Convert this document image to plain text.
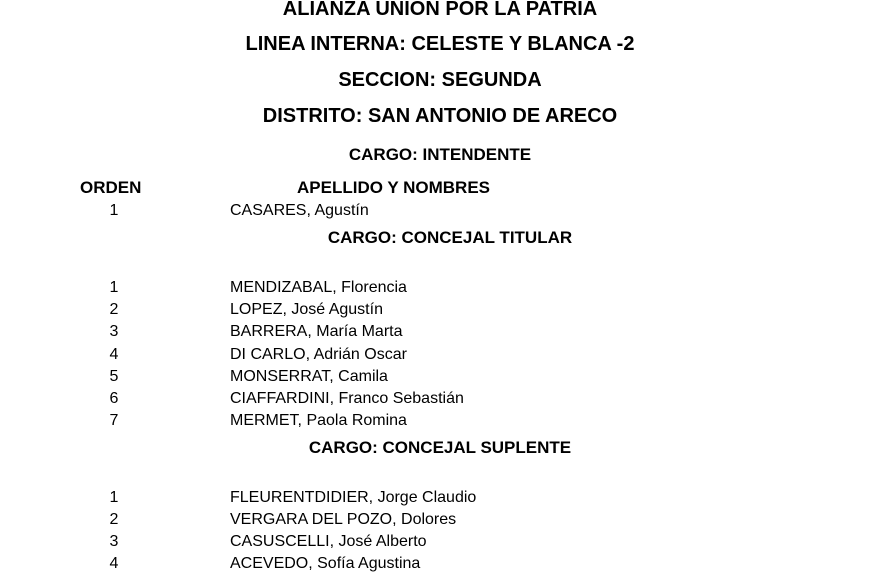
ALIANZA UNION POR LA PATRIA
LINEA INTERNA: CELESTE Y BLANCA -2
SECCION: SEGUNDA
DISTRITO: SAN ANTONIO DE ARECO
CARGO: INTENDENTE
ORDEN	APELLIDO Y NOMBRES
1	CASARES, Agustín
CARGO: CONCEJAL TITULAR
1	MENDIZABAL, Florencia
2	LOPEZ, José Agustín
3	BARRERA, María Marta
4	DI CARLO, Adrián Oscar
5	MONSERRAT, Camila
6	CIAFFARDINI, Franco Sebastián
7	MERMET, Paola Romina
CARGO: CONCEJAL SUPLENTE
1	FLEURENTDIDIER, Jorge Claudio
2	VERGARA DEL POZO, Dolores
3	CASUSCELLI, José Alberto
4	ACEVEDO, Sofía Agustina
